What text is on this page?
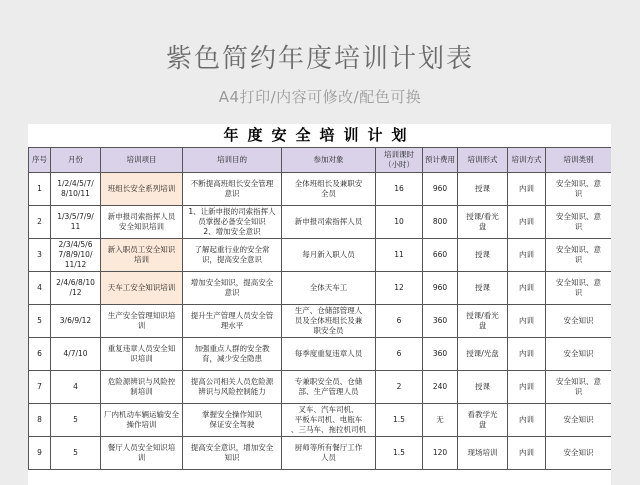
紫色简约年度培训计划表
A4打印/内容可修改/配色可换
年度安全培训计划
序号	月份	培训项目	培训目的	参加对象	培训课时
（小时）	预计费用	培训形式	培训方式	培训类别
1	1/2/4/5/7/
8/10/11	班组长安全系列培训	不断提高班组长安全管理
意识	全体班组长及兼职安
全员	16	960	授课	内训	安全知识、意
识
2	1/3/5/7/9/
11	新申报司索指挥人员
安全知识培训	1、让新申报的司索指挥人
员掌握必备安全知识
2、增加安全意识	新申报司索指挥人员	10	800	授课/看光
盘	内训	安全知识、意
识
3	2/3/4/5/6
7/8/9/10/
11/12	新入职员工安全知识
培训	了解起重行业的安全常
识，提高安全意识	每月新入职人员	11	660	授课	内训	安全知识、意
识
4	2/4/6/8/10
/12	天车工安全知识培训	增加安全知识，提高安全
意识	全体天车工	12	960	授课	内训	安全知识、意
识
5	3/6/9/12	生产安全管理知识培
训	提升生产管理人员安全管
理水平	生产、仓储部管理人
员及全体班组长及兼
职安全员	6	360	授课/看光
盘	内训	安全知识
6	4/7/10	重复违章人员安全知
识培训	加强重点人群的安全教
育，减少安全隐患	每季度重复违章人员	6	360	授课/光盘	内训	安全知识
7	4	危险源辨识与风险控
制培训	提高公司相关人员危险源
辨识与风险控制能力	专兼职安全员、仓储
部、生产管理人员	2	240	授课	内训	安全知识、意
识
8	5	厂内机动车辆运输安全
操作培训	掌握安全操作知识
保证安全驾驶	叉车、汽车司机、
平板车司机、电瓶车
、三马车、拖拉机司机	1.5	无	看教学光
盘	内训	安全知识
9	5	餐厅人员安全知识培
训	提高安全意识，增加安全
知识	厨师等所有餐厅工作
人员	1.5	120	现场培训	内训	安全知识
